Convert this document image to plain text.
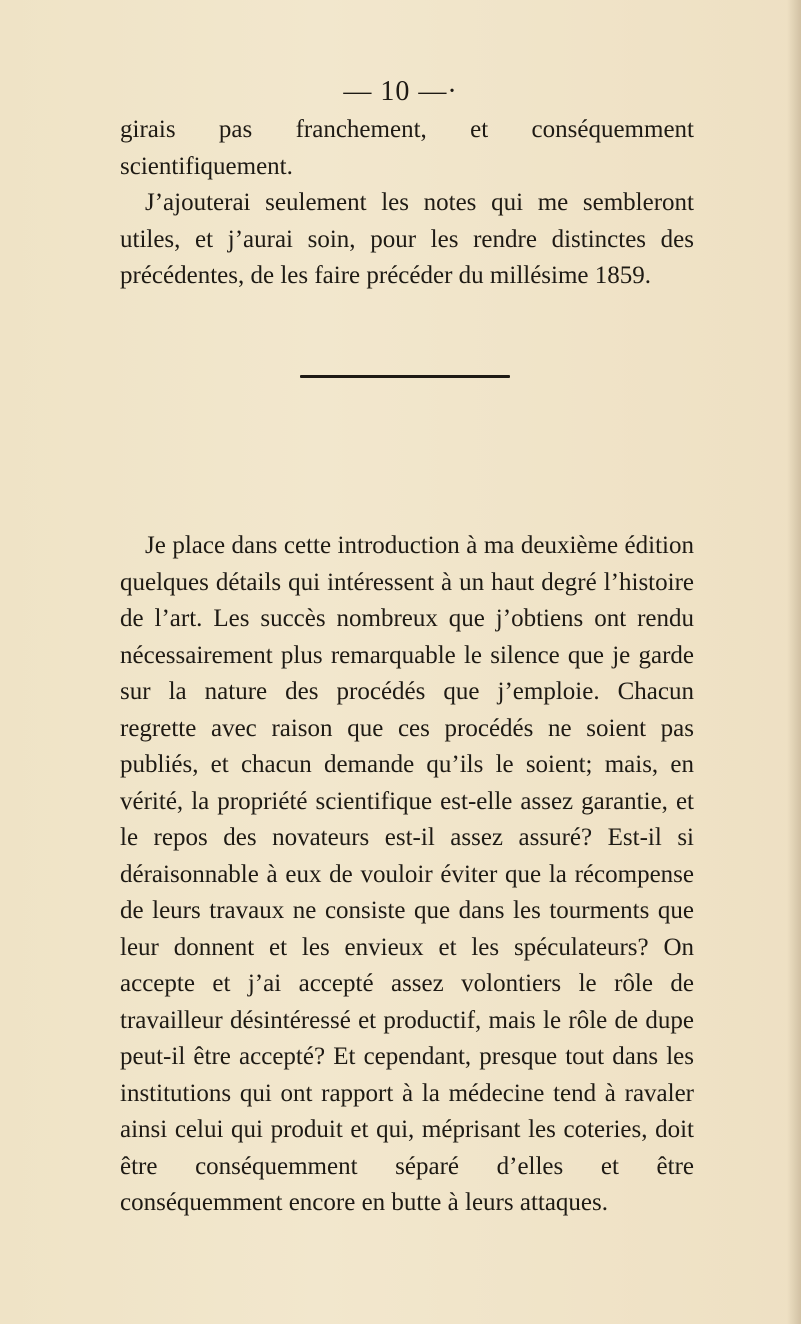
— 10 —·

girais pas franchement, et conséquemment scientifiquement.

J’ajouterai seulement les notes qui me sembleront utiles, et j’aurai soin, pour les rendre distinctes des précédentes, de les faire précéder du millésime 1859.

Je place dans cette introduction à ma deuxième édition quelques détails qui intéressent à un haut degré l’histoire de l’art. Les succès nombreux que j’obtiens ont rendu nécessairement plus remarquable le silence que je garde sur la nature des procédés que j’emploie. Chacun regrette avec raison que ces procédés ne soient pas publiés, et chacun demande qu’ils le soient; mais, en vérité, la propriété scientifique est-elle assez garantie, et le repos des novateurs est-il assez assuré? Est-il si déraisonnable à eux de vouloir éviter que la récompense de leurs travaux ne consiste que dans les tourments que leur donnent et les envieux et les spéculateurs? On accepte et j’ai accepté assez volontiers le rôle de travailleur désintéressé et productif, mais le rôle de dupe peut-il être accepté? Et cependant, presque tout dans les institutions qui ont rapport à la médecine tend à ravaler ainsi celui qui produit et qui, méprisant les coteries, doit être conséquemment séparé d’elles et être conséquemment encore en butte à leurs attaques.
